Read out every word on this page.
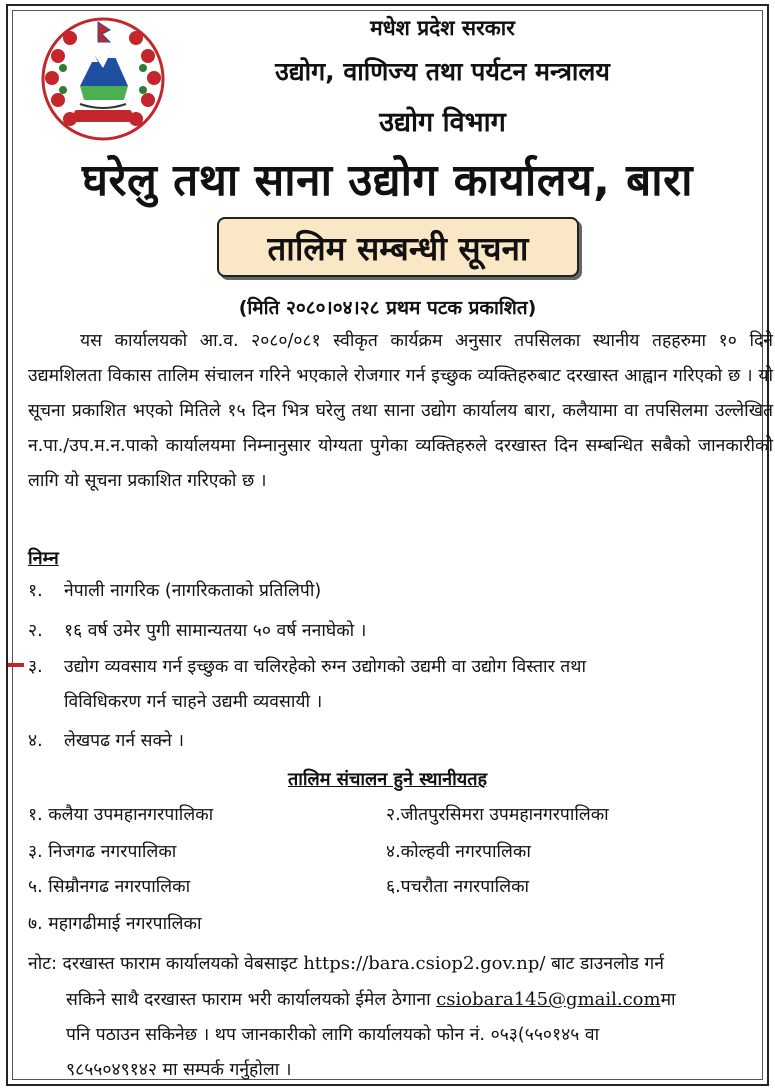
मधेश प्रदेश सरकार
उद्योग, वाणिज्य तथा पर्यटन मन्त्रालय
उद्योग विभाग
घरेलु तथा साना उद्योग कार्यालय, बारा
तालिम सम्बन्धी सूचना
(मिति २०८०।०४।२८ प्रथम पटक प्रकाशित)

यस कार्यालयको आ.व. २०८०/०८१ स्वीकृत कार्यक्रम अनुसार तपसिलका स्थानीय तहहरुमा १० दिने उद्यमशिलता विकास तालिम संचालन गरिने भएकाले रोजगार गर्न इच्छुक व्यक्तिहरुबाट दरखास्त आह्वान गरिएको छ । यो सूचना प्रकाशित भएको मितिले १५ दिन भित्र घरेलु तथा साना उद्योग कार्यालय बारा, कलैयामा वा तपसिलमा उल्लेखित न.पा./उप.म.न.पाको कार्यालयमा निम्नानुसार योग्यता पुगेका व्यक्तिहरुले दरखास्त दिन सम्बन्धित सबैको जानकारीको लागि यो सूचना प्रकाशित गरिएको छ ।

निम्न
१. नेपाली नागरिक (नागरिकताको प्रतिलिपी)
२. १६ वर्ष उमेर पुगी सामान्यतया ५० वर्ष ननाघेको ।
३. उद्योग व्यवसाय गर्न इच्छुक वा चलिरहेको रुग्न उद्योगको उद्यमी वा उद्योग विस्तार तथा
विविधिकरण गर्न चाहने उद्यमी व्यवसायी ।
४. लेखपढ गर्न सक्ने ।
तालिम संचालन हुने स्थानीयतह
१. कलैया उपमहानगरपालिका	२.जीतपुरसिमरा उपमहानगरपालिका
३. निजगढ नगरपालिका	४.कोल्हवी नगरपालिका
५. सिम्रौनगढ नगरपालिका	६.पचरौता नगरपालिका
७. महागढीमाई नगरपालिका
नोट: दरखास्त फाराम कार्यालयको वेबसाइट https://bara.csiop2.gov.np/ बाट डाउनलोड गर्न
सकिने साथै दरखास्त फाराम भरी कार्यालयको ईमेल ठेगाना csiobara145@gmail.comमा
पनि पठाउन सकिनेछ । थप जानकारीको लागि कार्यालयको फोन नं. ०५३(५५०१४५ वा
९८५५०४९१४२ मा सम्पर्क गर्नुहोला ।
